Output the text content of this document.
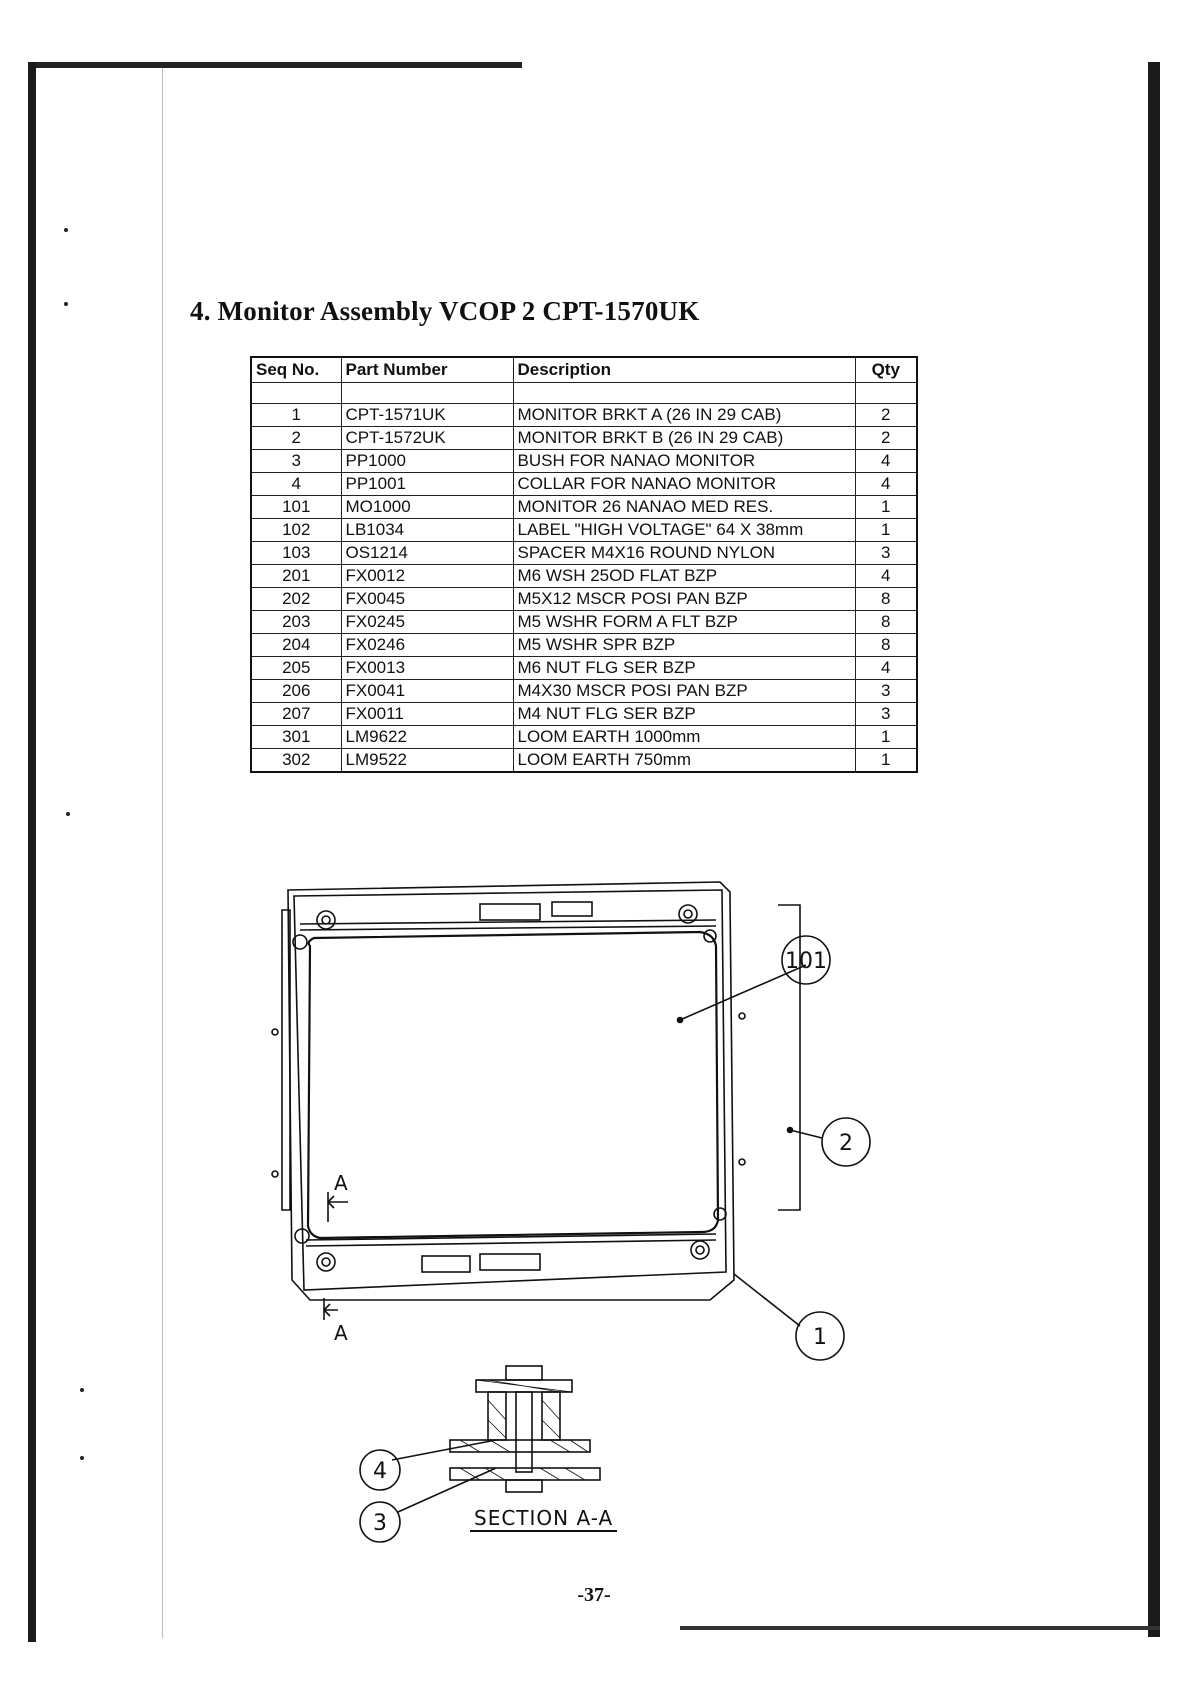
4. Monitor Assembly VCOP 2 CPT-1570UK
Seq No.	Part Number	Description	Qty

1	CPT-1571UK	MONITOR BRKT A (26 IN 29 CAB)	2
2	CPT-1572UK	MONITOR BRKT B (26 IN 29 CAB)	2
3	PP1000	BUSH FOR NANAO MONITOR	4
4	PP1001	COLLAR FOR NANAO MONITOR	4
101	MO1000	MONITOR 26 NANAO MED RES.	1
102	LB1034	LABEL "HIGH VOLTAGE" 64 X 38mm	1
103	OS1214	SPACER M4X16 ROUND NYLON	3
201	FX0012	M6 WSH 25OD FLAT BZP	4
202	FX0045	M5X12 MSCR POSI PAN BZP	8
203	FX0245	M5 WSHR FORM A FLT BZP	8
204	FX0246	M5 WSHR SPR BZP	8
205	FX0013	M6 NUT FLG SER BZP	4
206	FX0041	M4X30 MSCR POSI PAN BZP	3
207	FX0011	M4 NUT FLG SER BZP	3
301	LM9622	LOOM EARTH 1000mm	1
302	LM9522	LOOM EARTH 750mm	1
A
A
101
2
1
4
3	SECTION A-A
-37-
